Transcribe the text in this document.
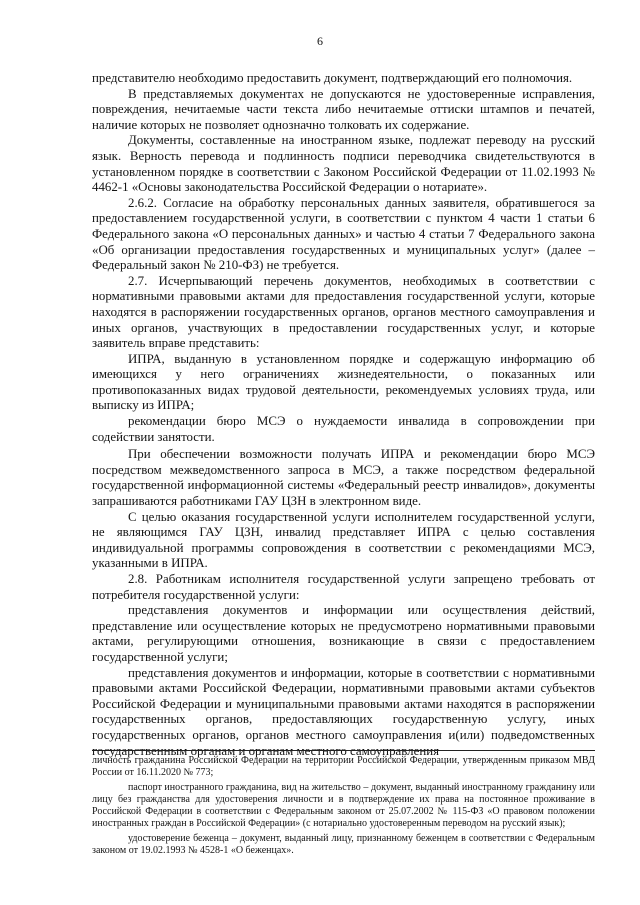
6

представителю необходимо предоставить документ, подтверждающий его полномочия.

В представляемых документах не допускаются не удостоверенные исправления, повреждения, нечитаемые части текста либо нечитаемые оттиски штампов и печатей, наличие которых не позволяет однозначно толковать их содержание.

Документы, составленные на иностранном языке, подлежат переводу на русский язык. Верность перевода и подлинность подписи переводчика свидетельствуются в установленном порядке в соответствии с Законом Российской Федерации от 11.02.1993 № 4462-1 «Основы законодательства Российской Федерации о нотариате».

2.6.2. Согласие на обработку персональных данных заявителя, обратившегося за предоставлением государственной услуги, в соответствии с пунктом 4 части 1 статьи 6 Федерального закона «О персональных данных» и частью 4 статьи 7 Федерального закона «Об организации предоставления государственных и муниципальных услуг» (далее – Федеральный закон № 210-ФЗ) не требуется.

2.7. Исчерпывающий перечень документов, необходимых в соответствии с нормативными правовыми актами для предоставления государственной услуги, которые находятся в распоряжении государственных органов, органов местного самоуправления и иных органов, участвующих в предоставлении государственных услуг, и которые заявитель вправе представить:

ИПРА, выданную в установленном порядке и содержащую информацию об имеющихся у него ограничениях жизнедеятельности, о показанных или противопоказанных видах трудовой деятельности, рекомендуемых условиях труда, или выписку из ИПРА;

рекомендации бюро МСЭ о нуждаемости инвалида в сопровождении при содействии занятости.

При обеспечении возможности получать ИПРА и рекомендации бюро МСЭ посредством межведомственного запроса в МСЭ, а также посредством федеральной государственной информационной системы «Федеральный реестр инвалидов», документы запрашиваются работниками ГАУ ЦЗН в электронном виде.

С целью оказания государственной услуги исполнителем государственной услуги, не являющимся ГАУ ЦЗН, инвалид представляет ИПРА с целью составления индивидуальной программы сопровождения в соответствии с рекомендациями МСЭ, указанными в ИПРА.

2.8. Работникам исполнителя государственной услуги запрещено требовать от потребителя государственной услуги:

представления документов и информации или осуществления действий, представление или осуществление которых не предусмотрено нормативными правовыми актами, регулирующими отношения, возникающие в связи с предоставлением государственной услуги;

представления документов и информации, которые в соответствии с нормативными правовыми актами Российской Федерации, нормативными правовыми актами субъектов Российской Федерации и муниципальными правовыми актами находятся в распоряжении государственных органов, предоставляющих государственную услугу, иных государственных органов, органов местного самоуправления и(или) подведомственных государственным органам и органам местного самоуправления

личность гражданина Российской Федерации на территории Российской Федерации, утвержденным приказом МВД России от 16.11.2020 № 773;

паспорт иностранного гражданина, вид на жительство – документ, выданный иностранному гражданину или лицу без гражданства для удостоверения личности и в подтверждение их права на постоянное проживание в Российской Федерации в соответствии с Федеральным законом от 25.07.2002 № 115-ФЗ «О правовом положении иностранных граждан в Российской Федерации» (с нотариально удостоверенным переводом на русский язык);

удостоверение беженца – документ, выданный лицу, признанному беженцем в соответствии с Федеральным законом от 19.02.1993 № 4528-1 «О беженцах».
